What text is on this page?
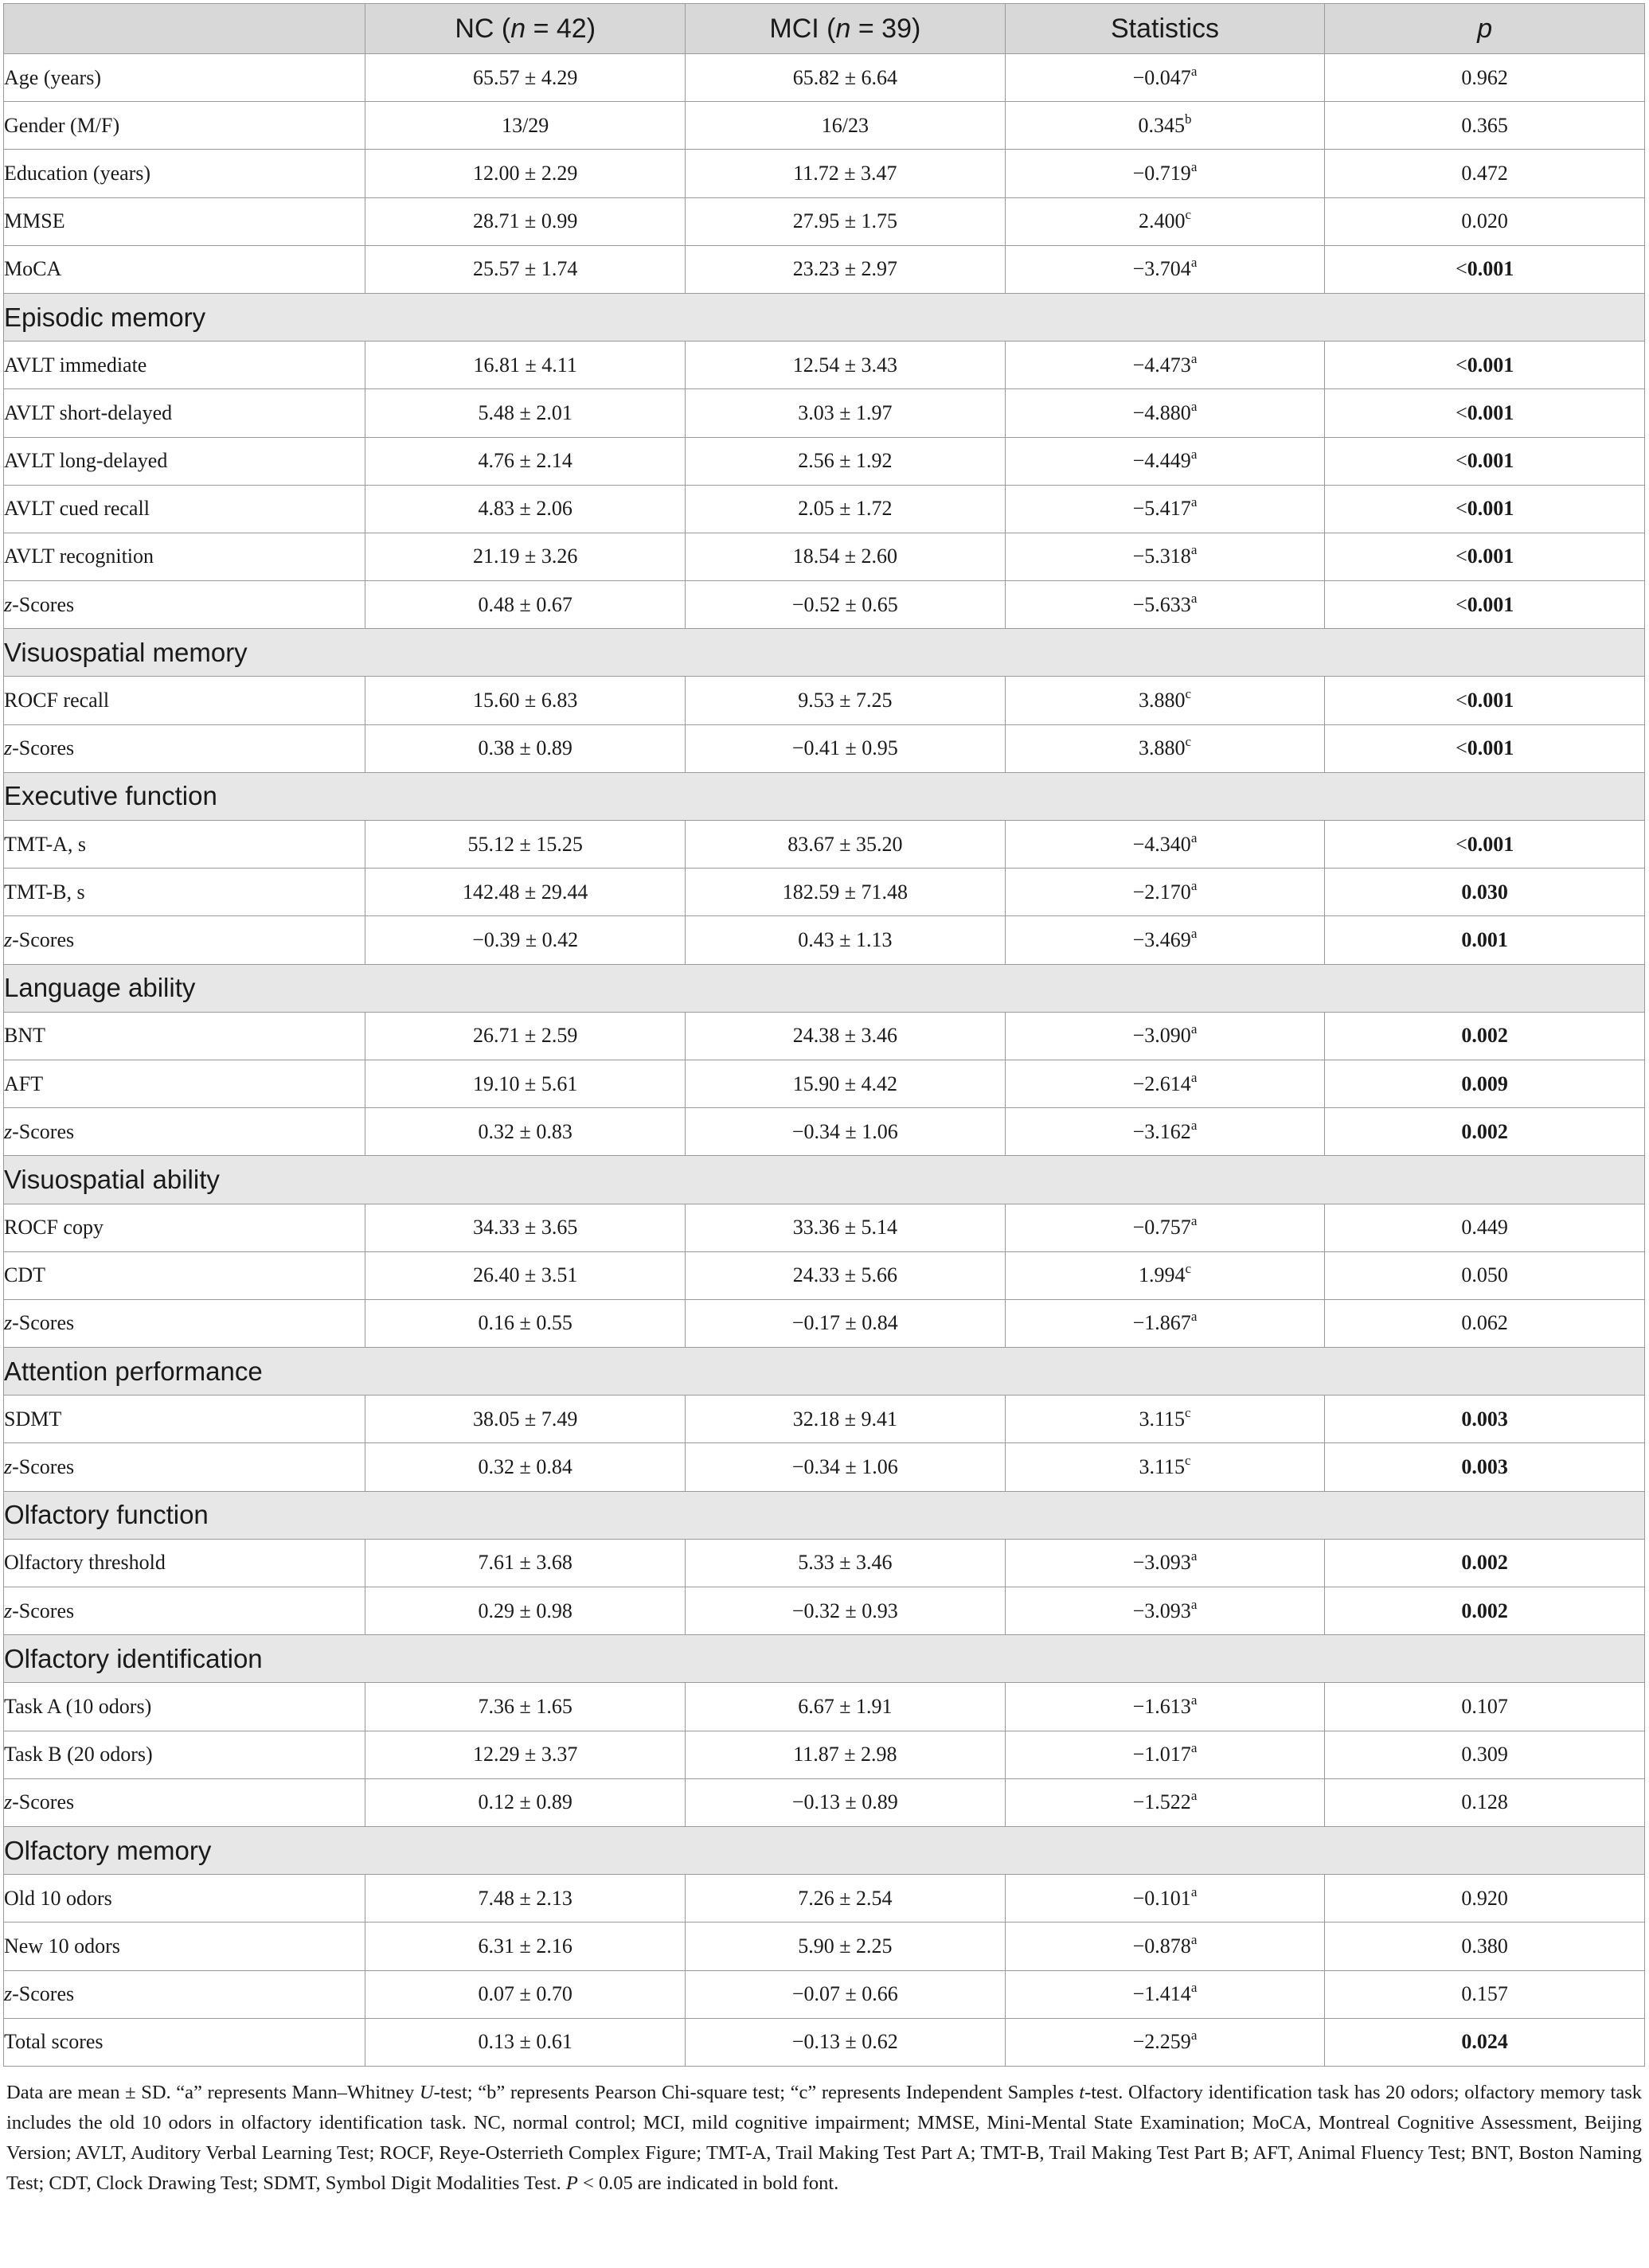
	NC (n = 42)	MCI (n = 39)	Statistics	p
Age (years)	65.57 ± 4.29	65.82 ± 6.64	−0.047$^a$	0.962
Gender (M/F)	13/29	16/23	0.345$^b$	0.365
Education (years)	12.00 ± 2.29	11.72 ± 3.47	−0.719$^a$	0.472
MMSE	28.71 ± 0.99	27.95 ± 1.75	2.400$^c$	0.020
MoCA	25.57 ± 1.74	23.23 ± 2.97	−3.704$^a$	<0.001
Episodic memory				
AVLT immediate	16.81 ± 4.11	12.54 ± 3.43	−4.473$^a$	<0.001
AVLT short-delayed	5.48 ± 2.01	3.03 ± 1.97	−4.880$^a$	<0.001
AVLT long-delayed	4.76 ± 2.14	2.56 ± 1.92	−4.449$^a$	<0.001
AVLT cued recall	4.83 ± 2.06	2.05 ± 1.72	−5.417$^a$	<0.001
AVLT recognition	21.19 ± 3.26	18.54 ± 2.60	−5.318$^a$	<0.001
z-Scores	0.48 ± 0.67	−0.52 ± 0.65	−5.633$^a$	<0.001
Visuospatial memory				
ROCF recall	15.60 ± 6.83	9.53 ± 7.25	3.880$^c$	<0.001
z-Scores	0.38 ± 0.89	−0.41 ± 0.95	3.880$^c$	<0.001
Executive function				
TMT-A, s	55.12 ± 15.25	83.67 ± 35.20	−4.340$^a$	<0.001
TMT-B, s	142.48 ± 29.44	182.59 ± 71.48	−2.170$^a$	0.030
z-Scores	−0.39 ± 0.42	0.43 ± 1.13	−3.469$^a$	0.001
Language ability				
BNT	26.71 ± 2.59	24.38 ± 3.46	−3.090$^a$	0.002
AFT	19.10 ± 5.61	15.90 ± 4.42	−2.614$^a$	0.009
z-Scores	0.32 ± 0.83	−0.34 ± 1.06	−3.162$^a$	0.002
Visuospatial ability				
ROCF copy	34.33 ± 3.65	33.36 ± 5.14	−0.757$^a$	0.449
CDT	26.40 ± 3.51	24.33 ± 5.66	1.994$^c$	0.050
z-Scores	0.16 ± 0.55	−0.17 ± 0.84	−1.867$^a$	0.062
Attention performance				
SDMT	38.05 ± 7.49	32.18 ± 9.41	3.115$^c$	0.003
z-Scores	0.32 ± 0.84	−0.34 ± 1.06	3.115$^c$	0.003
Olfactory function				
Olfactory threshold	7.61 ± 3.68	5.33 ± 3.46	−3.093$^a$	0.002
z-Scores	0.29 ± 0.98	−0.32 ± 0.93	−3.093$^a$	0.002
Olfactory identification				
Task A (10 odors)	7.36 ± 1.65	6.67 ± 1.91	−1.613$^a$	0.107
Task B (20 odors)	12.29 ± 3.37	11.87 ± 2.98	−1.017$^a$	0.309
z-Scores	0.12 ± 0.89	−0.13 ± 0.89	−1.522$^a$	0.128
Olfactory memory				
Old 10 odors	7.48 ± 2.13	7.26 ± 2.54	−0.101$^a$	0.920
New 10 odors	6.31 ± 2.16	5.90 ± 2.25	−0.878$^a$	0.380
z-Scores	0.07 ± 0.70	−0.07 ± 0.66	−1.414$^a$	0.157
Total scores	0.13 ± 0.61	−0.13 ± 0.62	−2.259$^a$	0.024
Data are mean ± SD. “a” represents Mann–Whitney U-test; “b” represents Pearson Chi-square test; “c” represents Independent Samples t-test. Olfactory identification task has 20 odors; olfactory memory task includes the old 10 odors in olfactory identification task. NC, normal control; MCI, mild cognitive impairment; MMSE, Mini-Mental State Examination; MoCA, Montreal Cognitive Assessment, Beijing Version; AVLT, Auditory Verbal Learning Test; ROCF, Reye-Osterrieth Complex Figure; TMT-A, Trail Making Test Part A; TMT-B, Trail Making Test Part B; AFT, Animal Fluency Test; BNT, Boston Naming Test; CDT, Clock Drawing Test; SDMT, Symbol Digit Modalities Test. P < 0.05 are indicated in bold font.
